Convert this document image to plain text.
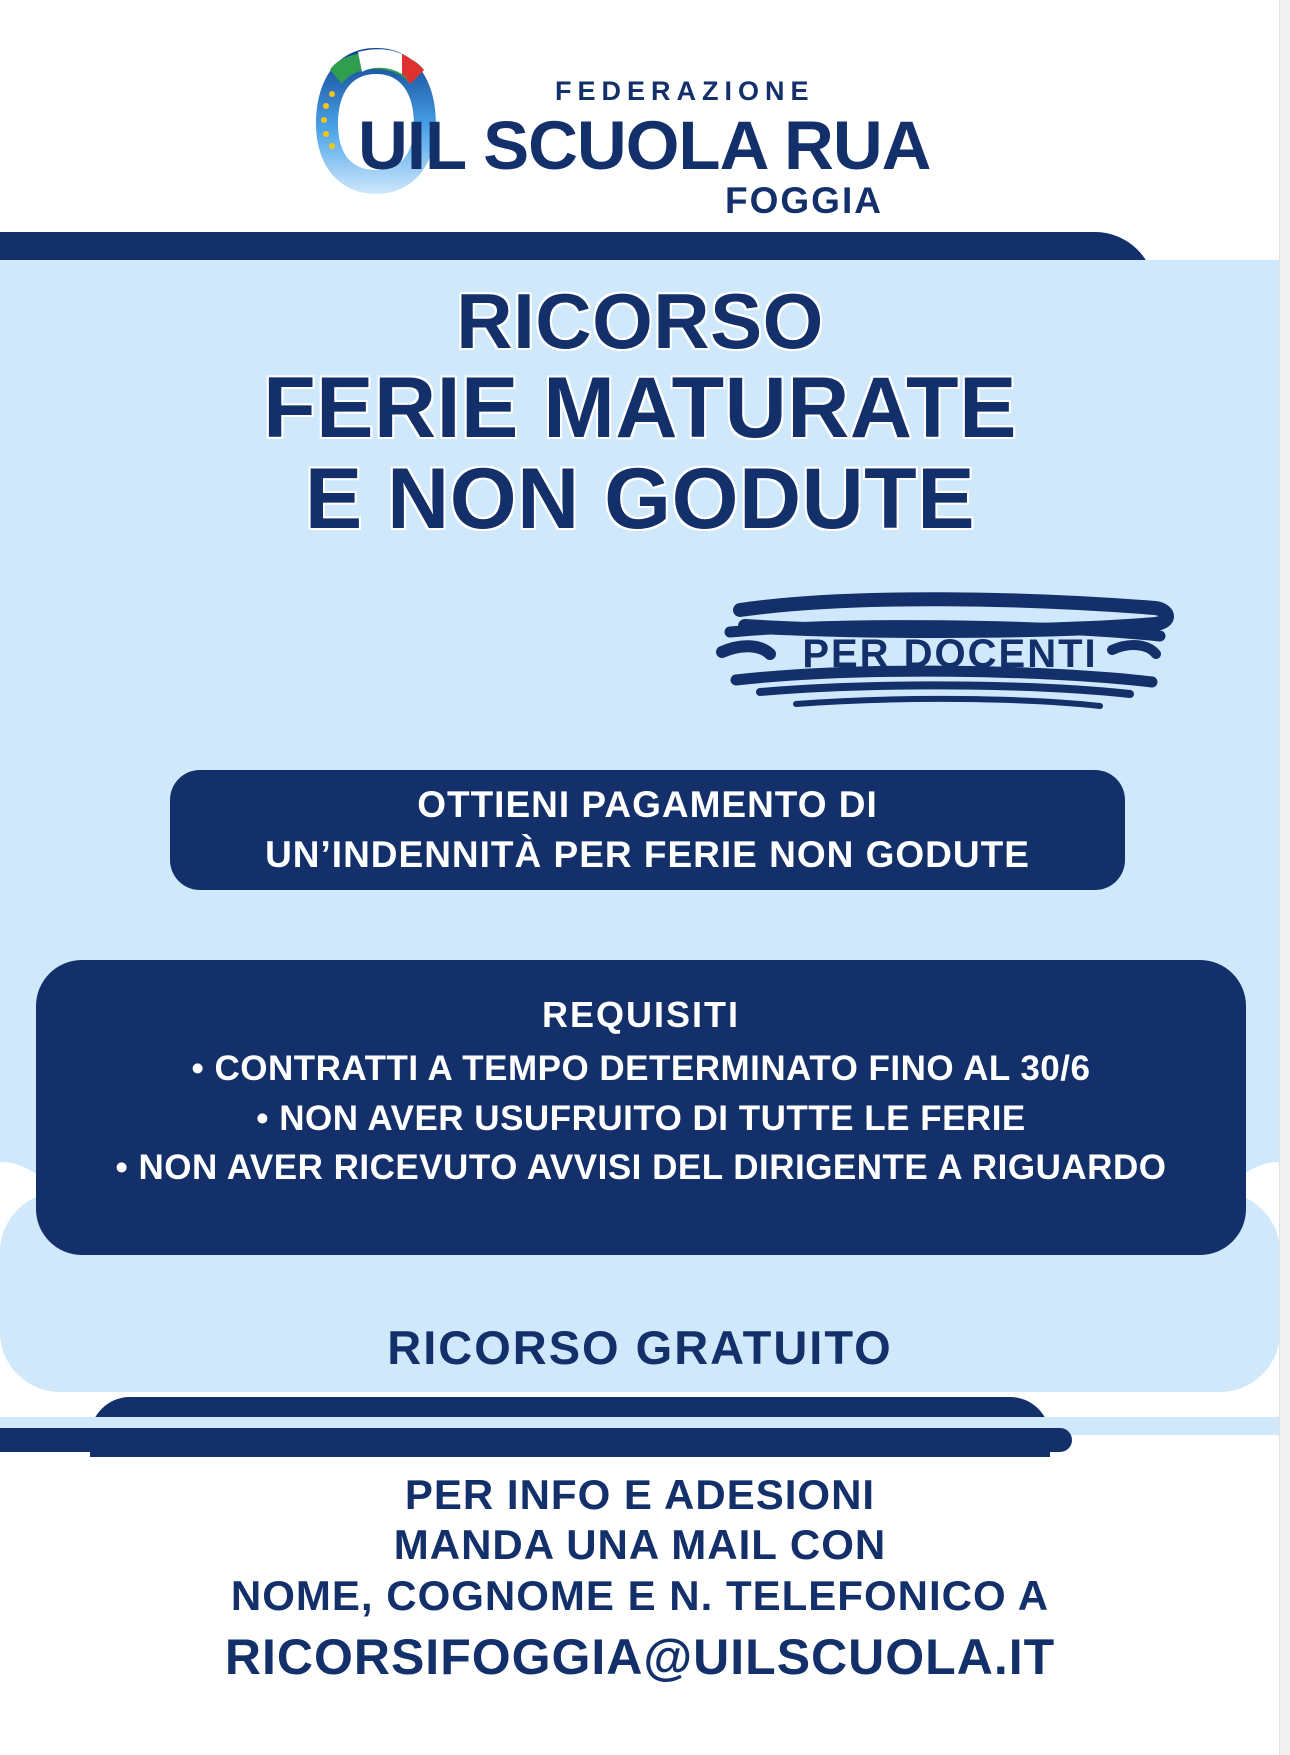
FEDERAZIONE
UIL SCUOLA RUA
FOGGIA
RICORSO
FERIE MATURATE
E NON GODUTE
PER DOCENTI
OTTIENI PAGAMENTO DI
UN’INDENNITÀ PER FERIE NON GODUTE
REQUISITI
• CONTRATTI A TEMPO DETERMINATO FINO AL 30/6
• NON AVER USUFRUITO DI TUTTE LE FERIE
• NON AVER RICEVUTO AVVISI DEL DIRIGENTE A RIGUARDO
RICORSO GRATUITO
PER INFO E ADESIONI
MANDA UNA MAIL CON
NOME, COGNOME E N. TELEFONICO A
RICORSIFOGGIA@UILSCUOLA.IT
